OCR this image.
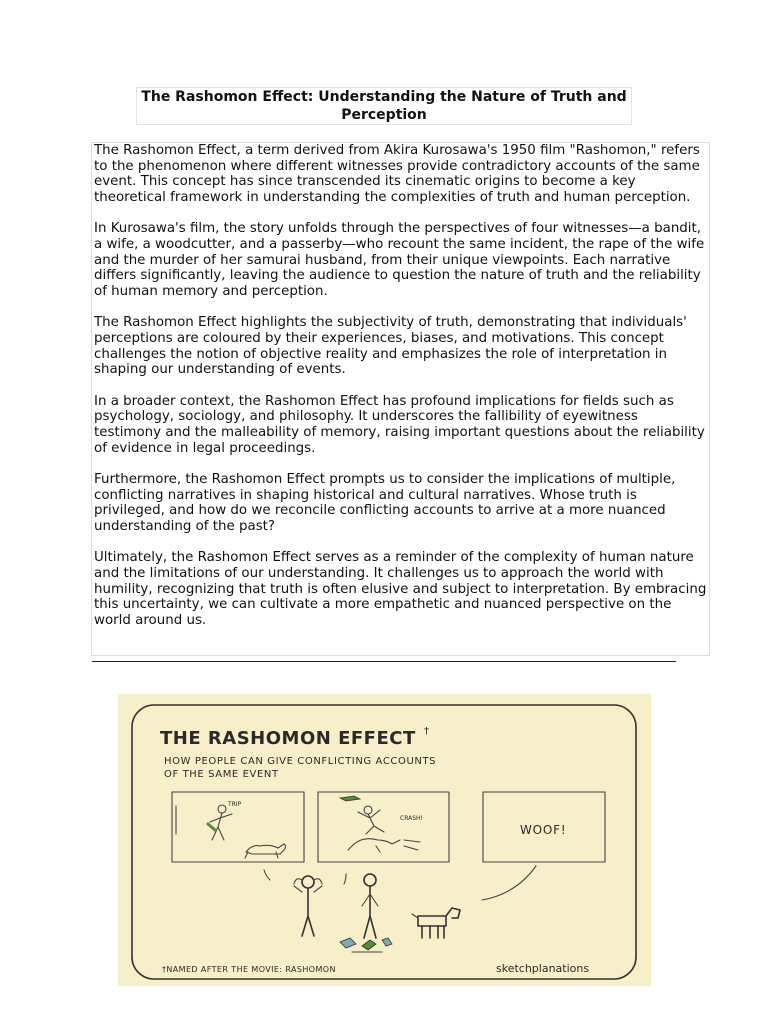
The Rashomon Effect: Understanding the Nature of Truth and Perception

The Rashomon Effect, a term derived from Akira Kurosawa's 1950 film "Rashomon," refers to the phenomenon where different witnesses provide contradictory accounts of the same event. This concept has since transcended its cinematic origins to become a key theoretical framework in understanding the complexities of truth and human perception.

In Kurosawa's film, the story unfolds through the perspectives of four witnesses—a bandit, a wife, a woodcutter, and a passerby—who recount the same incident, the rape of the wife and the murder of her samurai husband, from their unique viewpoints. Each narrative differs significantly, leaving the audience to question the nature of truth and the reliability of human memory and perception.

The Rashomon Effect highlights the subjectivity of truth, demonstrating that individuals' perceptions are coloured by their experiences, biases, and motivations. This concept challenges the notion of objective reality and emphasizes the role of interpretation in shaping our understanding of events.

In a broader context, the Rashomon Effect has profound implications for fields such as psychology, sociology, and philosophy. It underscores the fallibility of eyewitness testimony and the malleability of memory, raising important questions about the reliability of evidence in legal proceedings.

Furthermore, the Rashomon Effect prompts us to consider the implications of multiple, conflicting narratives in shaping historical and cultural narratives. Whose truth is privileged, and how do we reconcile conflicting accounts to arrive at a more nuanced understanding of the past?

Ultimately, the Rashomon Effect serves as a reminder of the complexity of human nature and the limitations of our understanding. It challenges us to approach the world with humility, recognizing that truth is often elusive and subject to interpretation. By embracing this uncertainty, we can cultivate a more empathetic and nuanced perspective on the world around us.

THE RASHOMON EFFECT †
HOW PEOPLE CAN GIVE CONFLICTING ACCOUNTS
OF THE SAME EVENT
TRIP
CRASH!
WOOF!
†NAMED AFTER THE MOVIE: RASHOMON	sketchplanations
